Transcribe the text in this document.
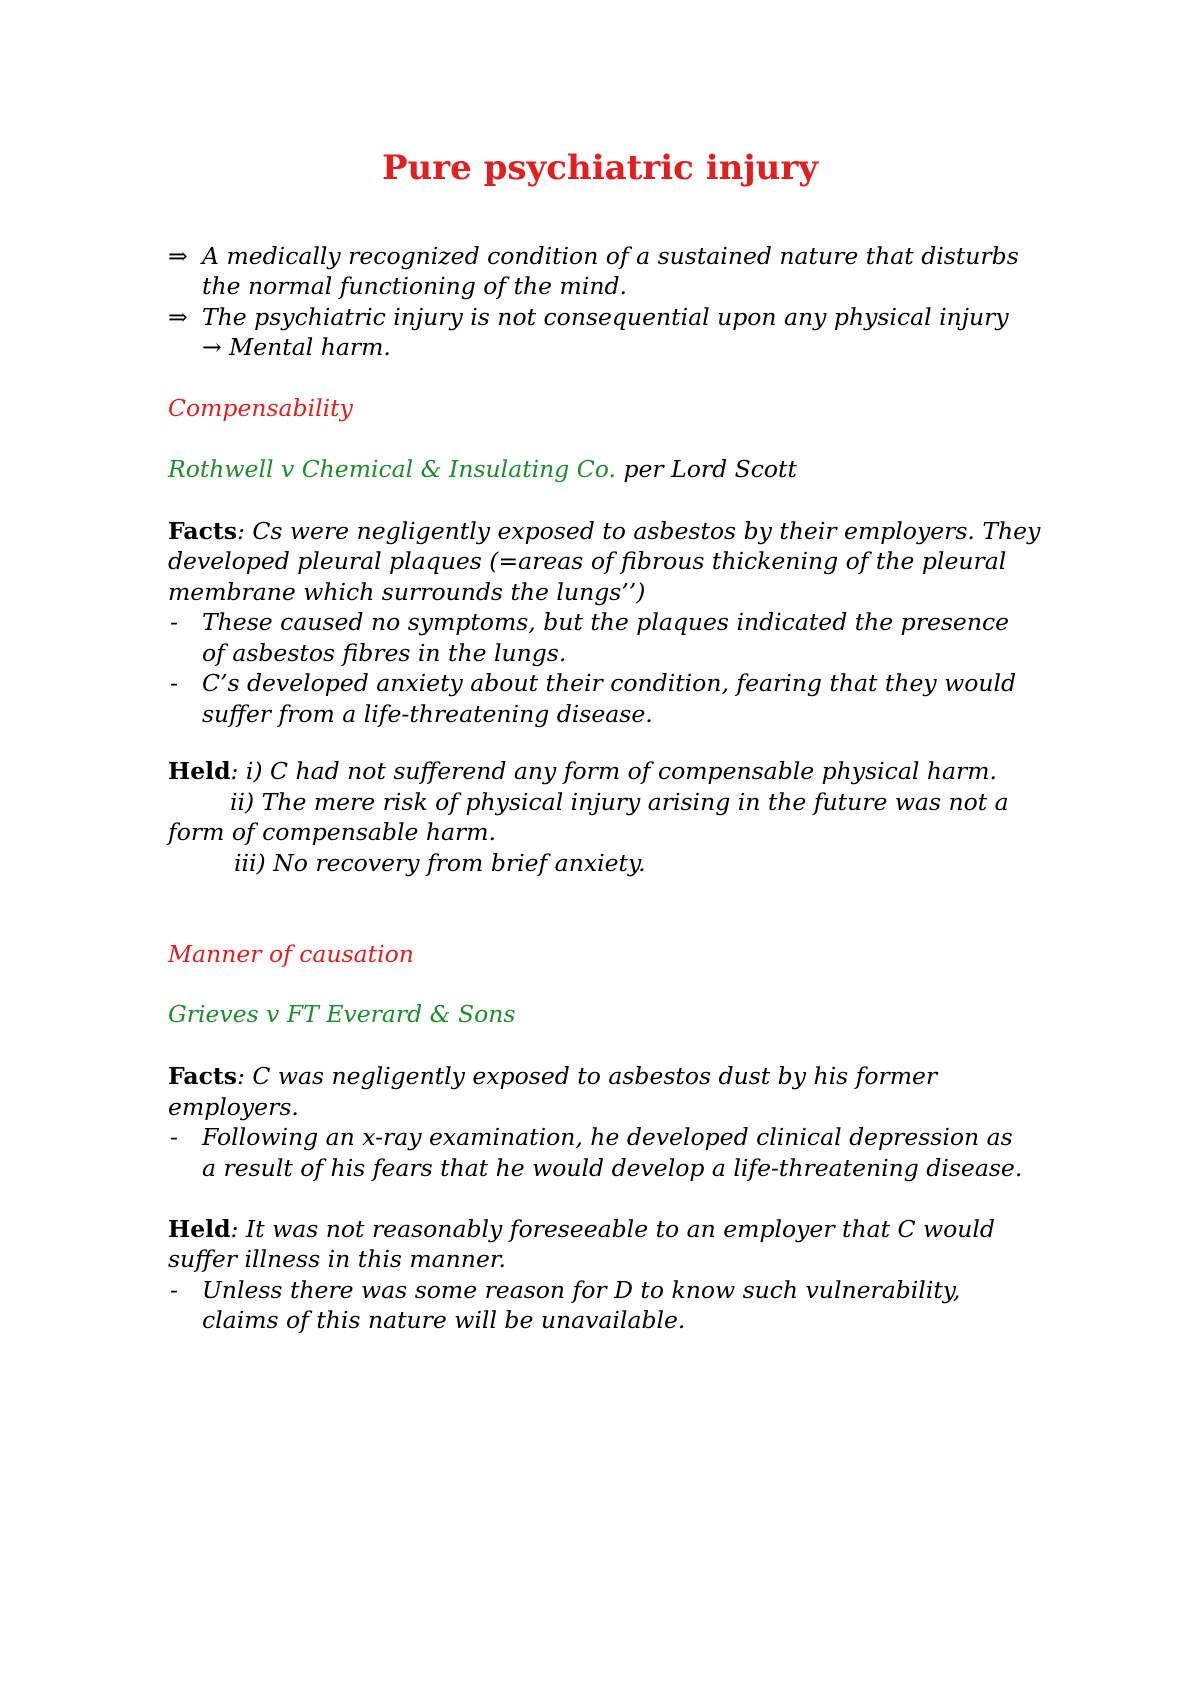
Pure psychiatric injury
⇒ A medically recognized condition of a sustained nature that disturbs
the normal functioning of the mind.
⇒ The psychiatric injury is not consequential upon any physical injury
→ Mental harm.
Compensability
Rothwell v Chemical & Insulating Co. per Lord Scott
Facts: Cs were negligently exposed to asbestos by their employers. They
developed pleural plaques (=areas of fibrous thickening of the pleural
membrane which surrounds the lungs’’)
- These caused no symptoms, but the plaques indicated the presence
of asbestos fibres in the lungs.
- C’s developed anxiety about their condition, fearing that they would
suffer from a life-threatening disease.
Held: i) C had not sufferend any form of compensable physical harm.
ii) The mere risk of physical injury arising in the future was not a
form of compensable harm.
iii) No recovery from brief anxiety.
Manner of causation
Grieves v FT Everard & Sons
Facts: C was negligently exposed to asbestos dust by his former
employers.
- Following an x-ray examination, he developed clinical depression as
a result of his fears that he would develop a life-threatening disease.
Held: It was not reasonably foreseeable to an employer that C would
suffer illness in this manner.
- Unless there was some reason for D to know such vulnerability,
claims of this nature will be unavailable.
